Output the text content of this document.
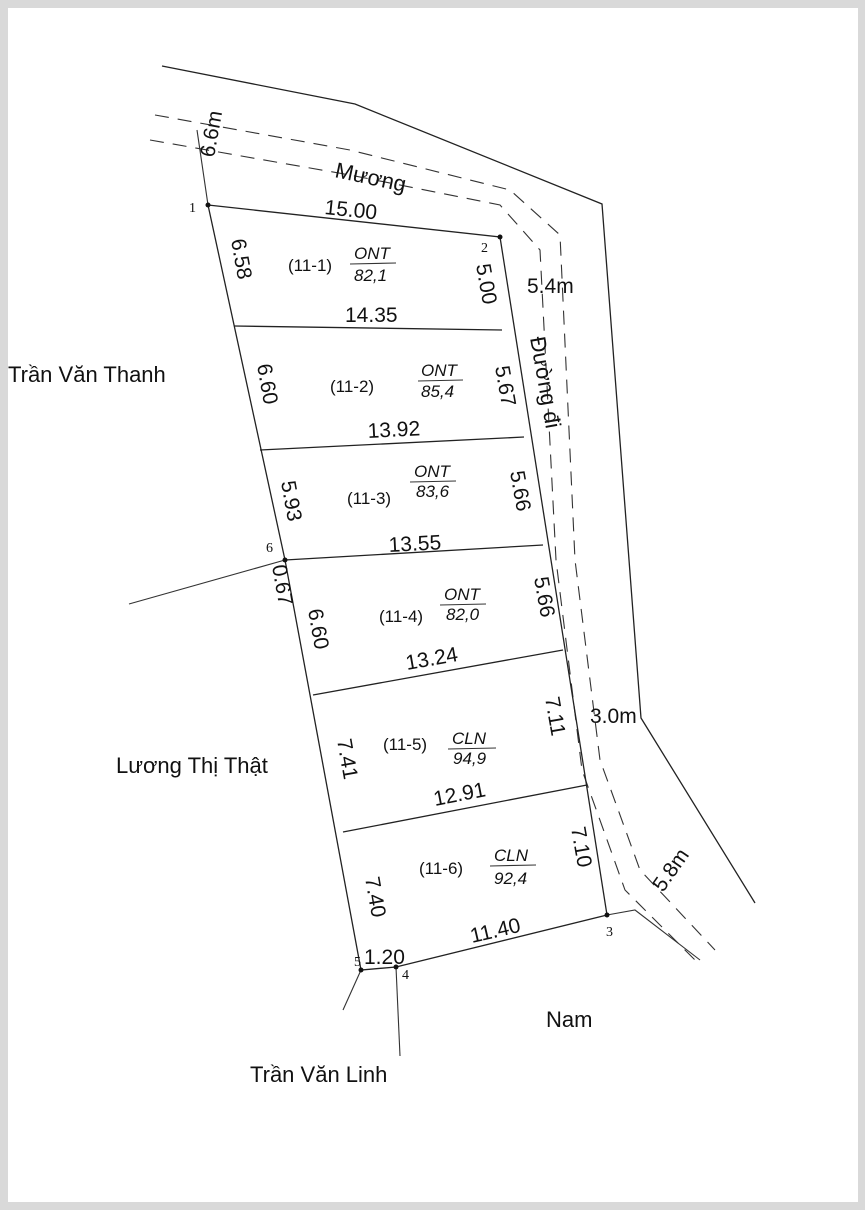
1
2
3
4
5
6
Mương
6.6m
Đường đi
5.4m
3.0m
5.8m
Trần Văn Thanh
Lương Thị Thật
Trần Văn Linh
Nam
15.00
14.35
13.92
13.55
13.24
12.91
11.40
1.20
6.58
6.60
5.93
0.67
6.60
7.41
7.40
5.00
5.67
5.66
5.66
7.11
7.10
(11-1)
ONT
82,1
(11-2)
ONT
85,4
(11-3)
ONT
83,6
(11-4)
ONT
82,0
(11-5) CLN
94,9
(11-6)
CLN
92,4
